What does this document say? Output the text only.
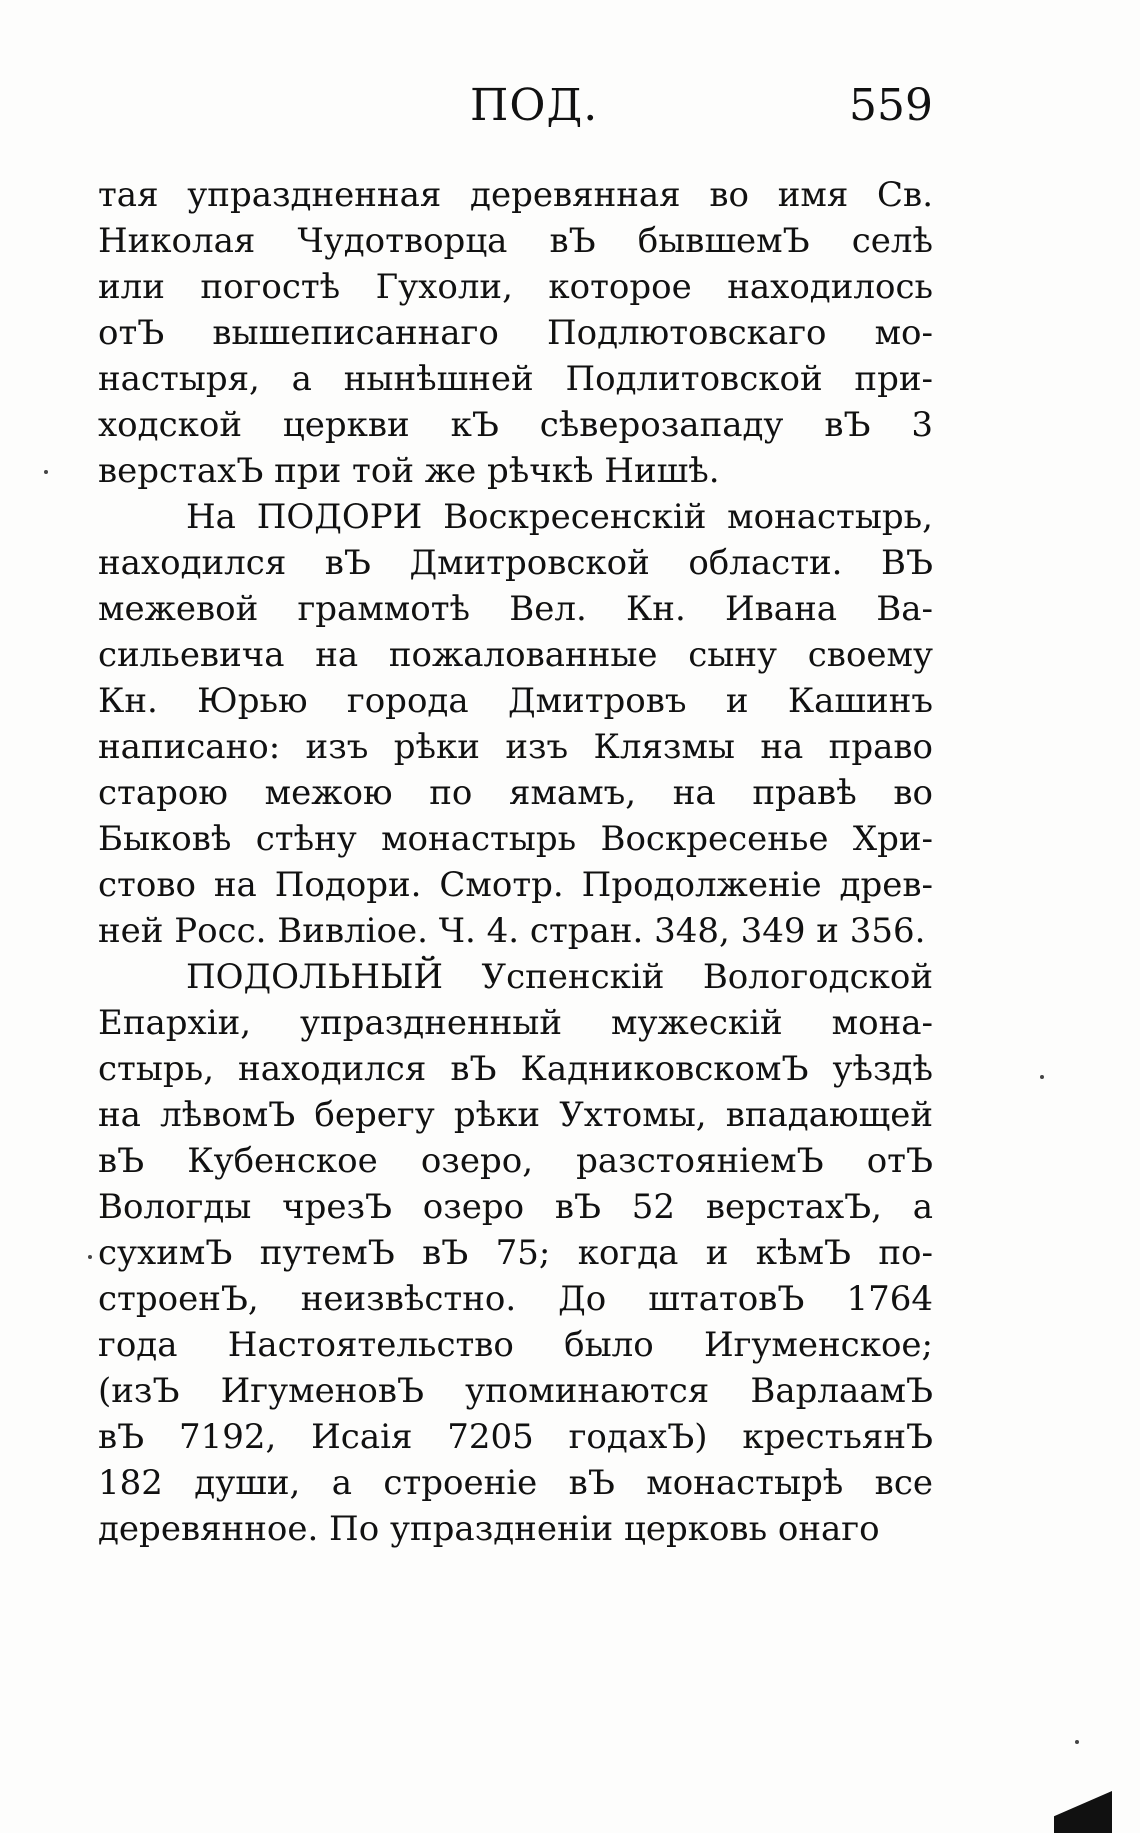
ПОД.	559
тая упраздненная деревянная во имя Св.
Николая Чудотворца вЪ бывшемЪ селѣ
или погостѣ Гухоли, которое находилось
отЪ вышеписаннаго Подлютовскаго мо-
настыря, а нынѣшней Подлитовской при-
ходской церкви кЪ сѣверозападу вЪ 3
верстахЪ при той же рѣчкѣ Нишѣ.
На ПОДОРИ Воскресенскій монастырь,
находился вЪ Дмитровской области. ВЪ
межевой граммотѣ Вел. Кн. Ивана Ва-
сильевича на пожалованные сыну своему
Кн. Юрью города Дмитровъ и Кашинъ
написано: изъ рѣки изъ Клязмы на право
старою межою по ямамъ, на правѣ во
Быковѣ стѣну монастырь Воскресенье Хри-
стово на Подори. Смотр. Продолженіе древ-
ней Росс. Вивліое. Ч. 4. стран. 348, 349 и 356.
ПОДОЛЬНЫЙ Успенскій Вологодской
Епархіи, упраздненный мужескій мона-
стырь, находился вЪ КадниковскомЪ уѣздѣ
на лѣвомЪ берегу рѣки Ухтомы, впадающей
вЪ Кубенское озеро, разстояніемЪ отЪ
Вологды чрезЪ озеро вЪ 52 верстахЪ, а
сухимЪ путемЪ вЪ 75; когда и кѣмЪ по-
строенЪ, неизвѣстно. До штатовЪ 1764
года Настоятельство было Игуменское;
(изЪ ИгуменовЪ упоминаются ВарлаамЪ
вЪ 7192, Исаія 7205 годахЪ) крестьянЪ
182 души, а строеніе вЪ монастырѣ все
деревянное. По упраздненіи церковь онаго
